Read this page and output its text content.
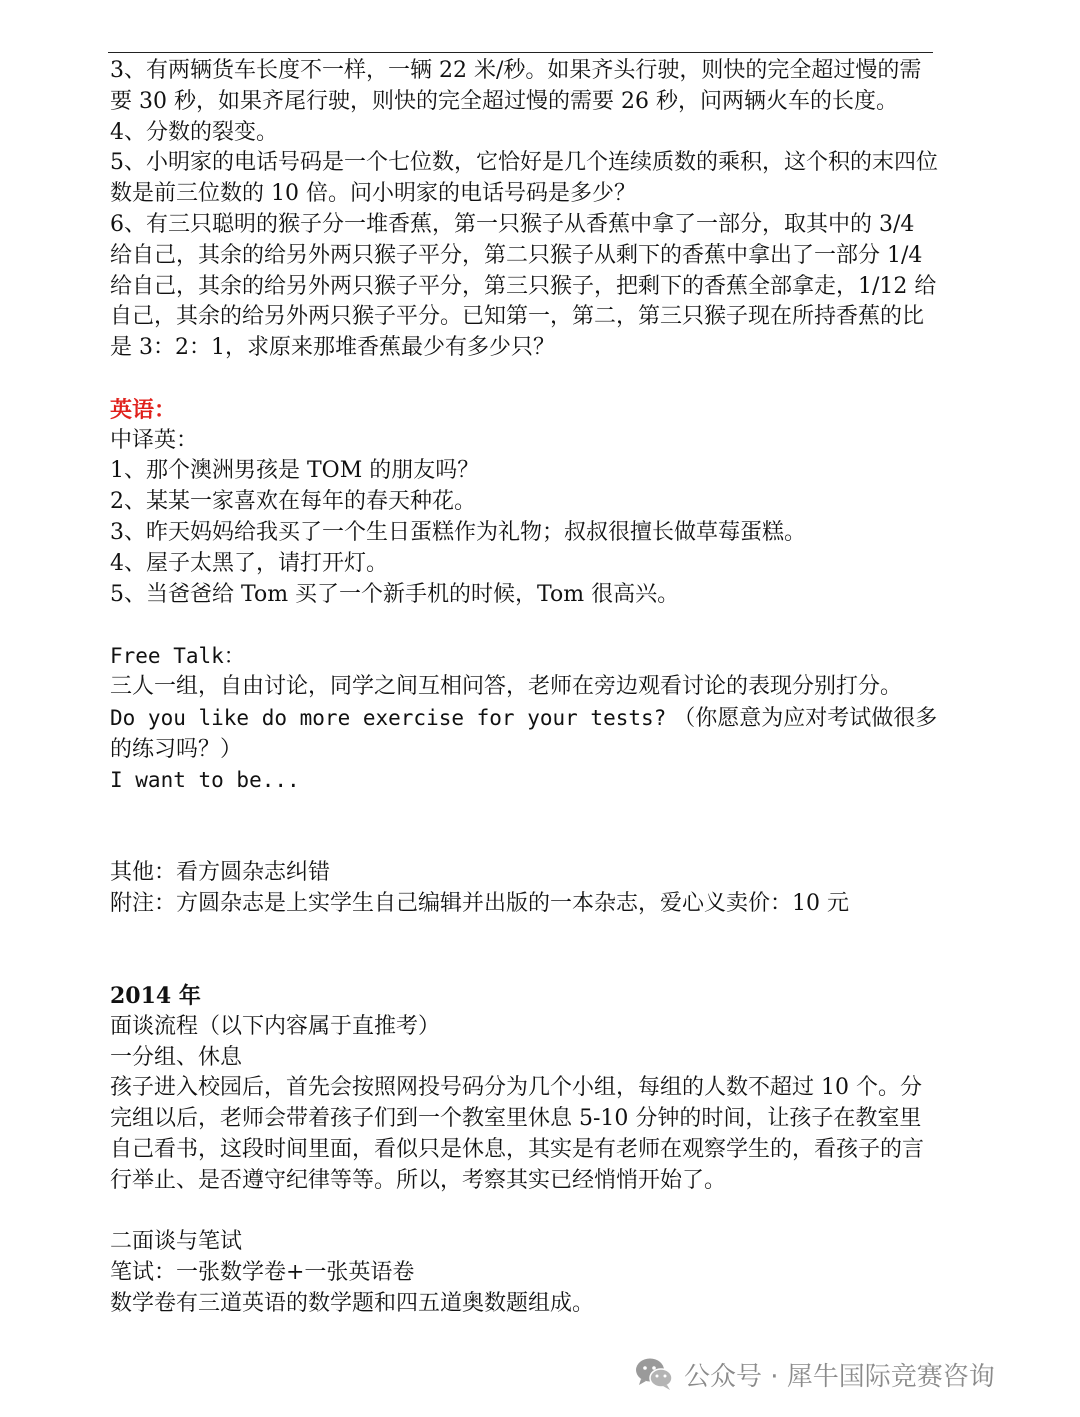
3、有两辆货车长度不一样，一辆 22 米/秒。如果齐头行驶，则快的完全超过慢的需要 30 秒，如果齐尾行驶，则快的完全超过慢的需要 26 秒，问两辆火车的长度。

4、分数的裂变。

5、小明家的电话号码是一个七位数，它恰好是几个连续质数的乘积，这个积的末四位数是前三位数的 10 倍。问小明家的电话号码是多少？

6、有三只聪明的猴子分一堆香蕉，第一只猴子从香蕉中拿了一部分，取其中的 3/4 给自己，其余的给另外两只猴子平分，第二只猴子从剩下的香蕉中拿出了一部分 1/4 给自己，其余的给另外两只猴子平分，第三只猴子，把剩下的香蕉全部拿走，1/12 给自己，其余的给另外两只猴子平分。已知第一，第二，第三只猴子现在所持香蕉的比是 3：2：1，求原来那堆香蕉最少有多少只？

英语：

中译英：

1、那个澳洲男孩是 TOM 的朋友吗？

2、某某一家喜欢在每年的春天种花。

3、昨天妈妈给我买了一个生日蛋糕作为礼物；叔叔很擅长做草莓蛋糕。

4、屋子太黑了，请打开灯。

5、当爸爸给 Tom 买了一个新手机的时候，Tom 很高兴。

Free Talk：

三人一组，自由讨论，同学之间互相问答，老师在旁边观看讨论的表现分别打分。

Do you like do more exercise for your tests? （你愿意为应对考试做很多的练习吗？）

I want to be...

其他：看方圆杂志纠错

附注：方圆杂志是上实学生自己编辑并出版的一本杂志，爱心义卖价：10 元

2014 年

面谈流程（以下内容属于直推考）

一分组、休息

孩子进入校园后，首先会按照网投号码分为几个小组，每组的人数不超过 10 个。分完组以后，老师会带着孩子们到一个教室里休息 5-10 分钟的时间，让孩子在教室里自己看书，这段时间里面，看似只是休息，其实是有老师在观察学生的，看孩子的言行举止、是否遵守纪律等等。所以，考察其实已经悄悄开始了。

二面谈与笔试

笔试：一张数学卷+一张英语卷

数学卷有三道英语的数学题和四五道奥数题组成。

公众号 · 犀牛国际竞赛咨询
